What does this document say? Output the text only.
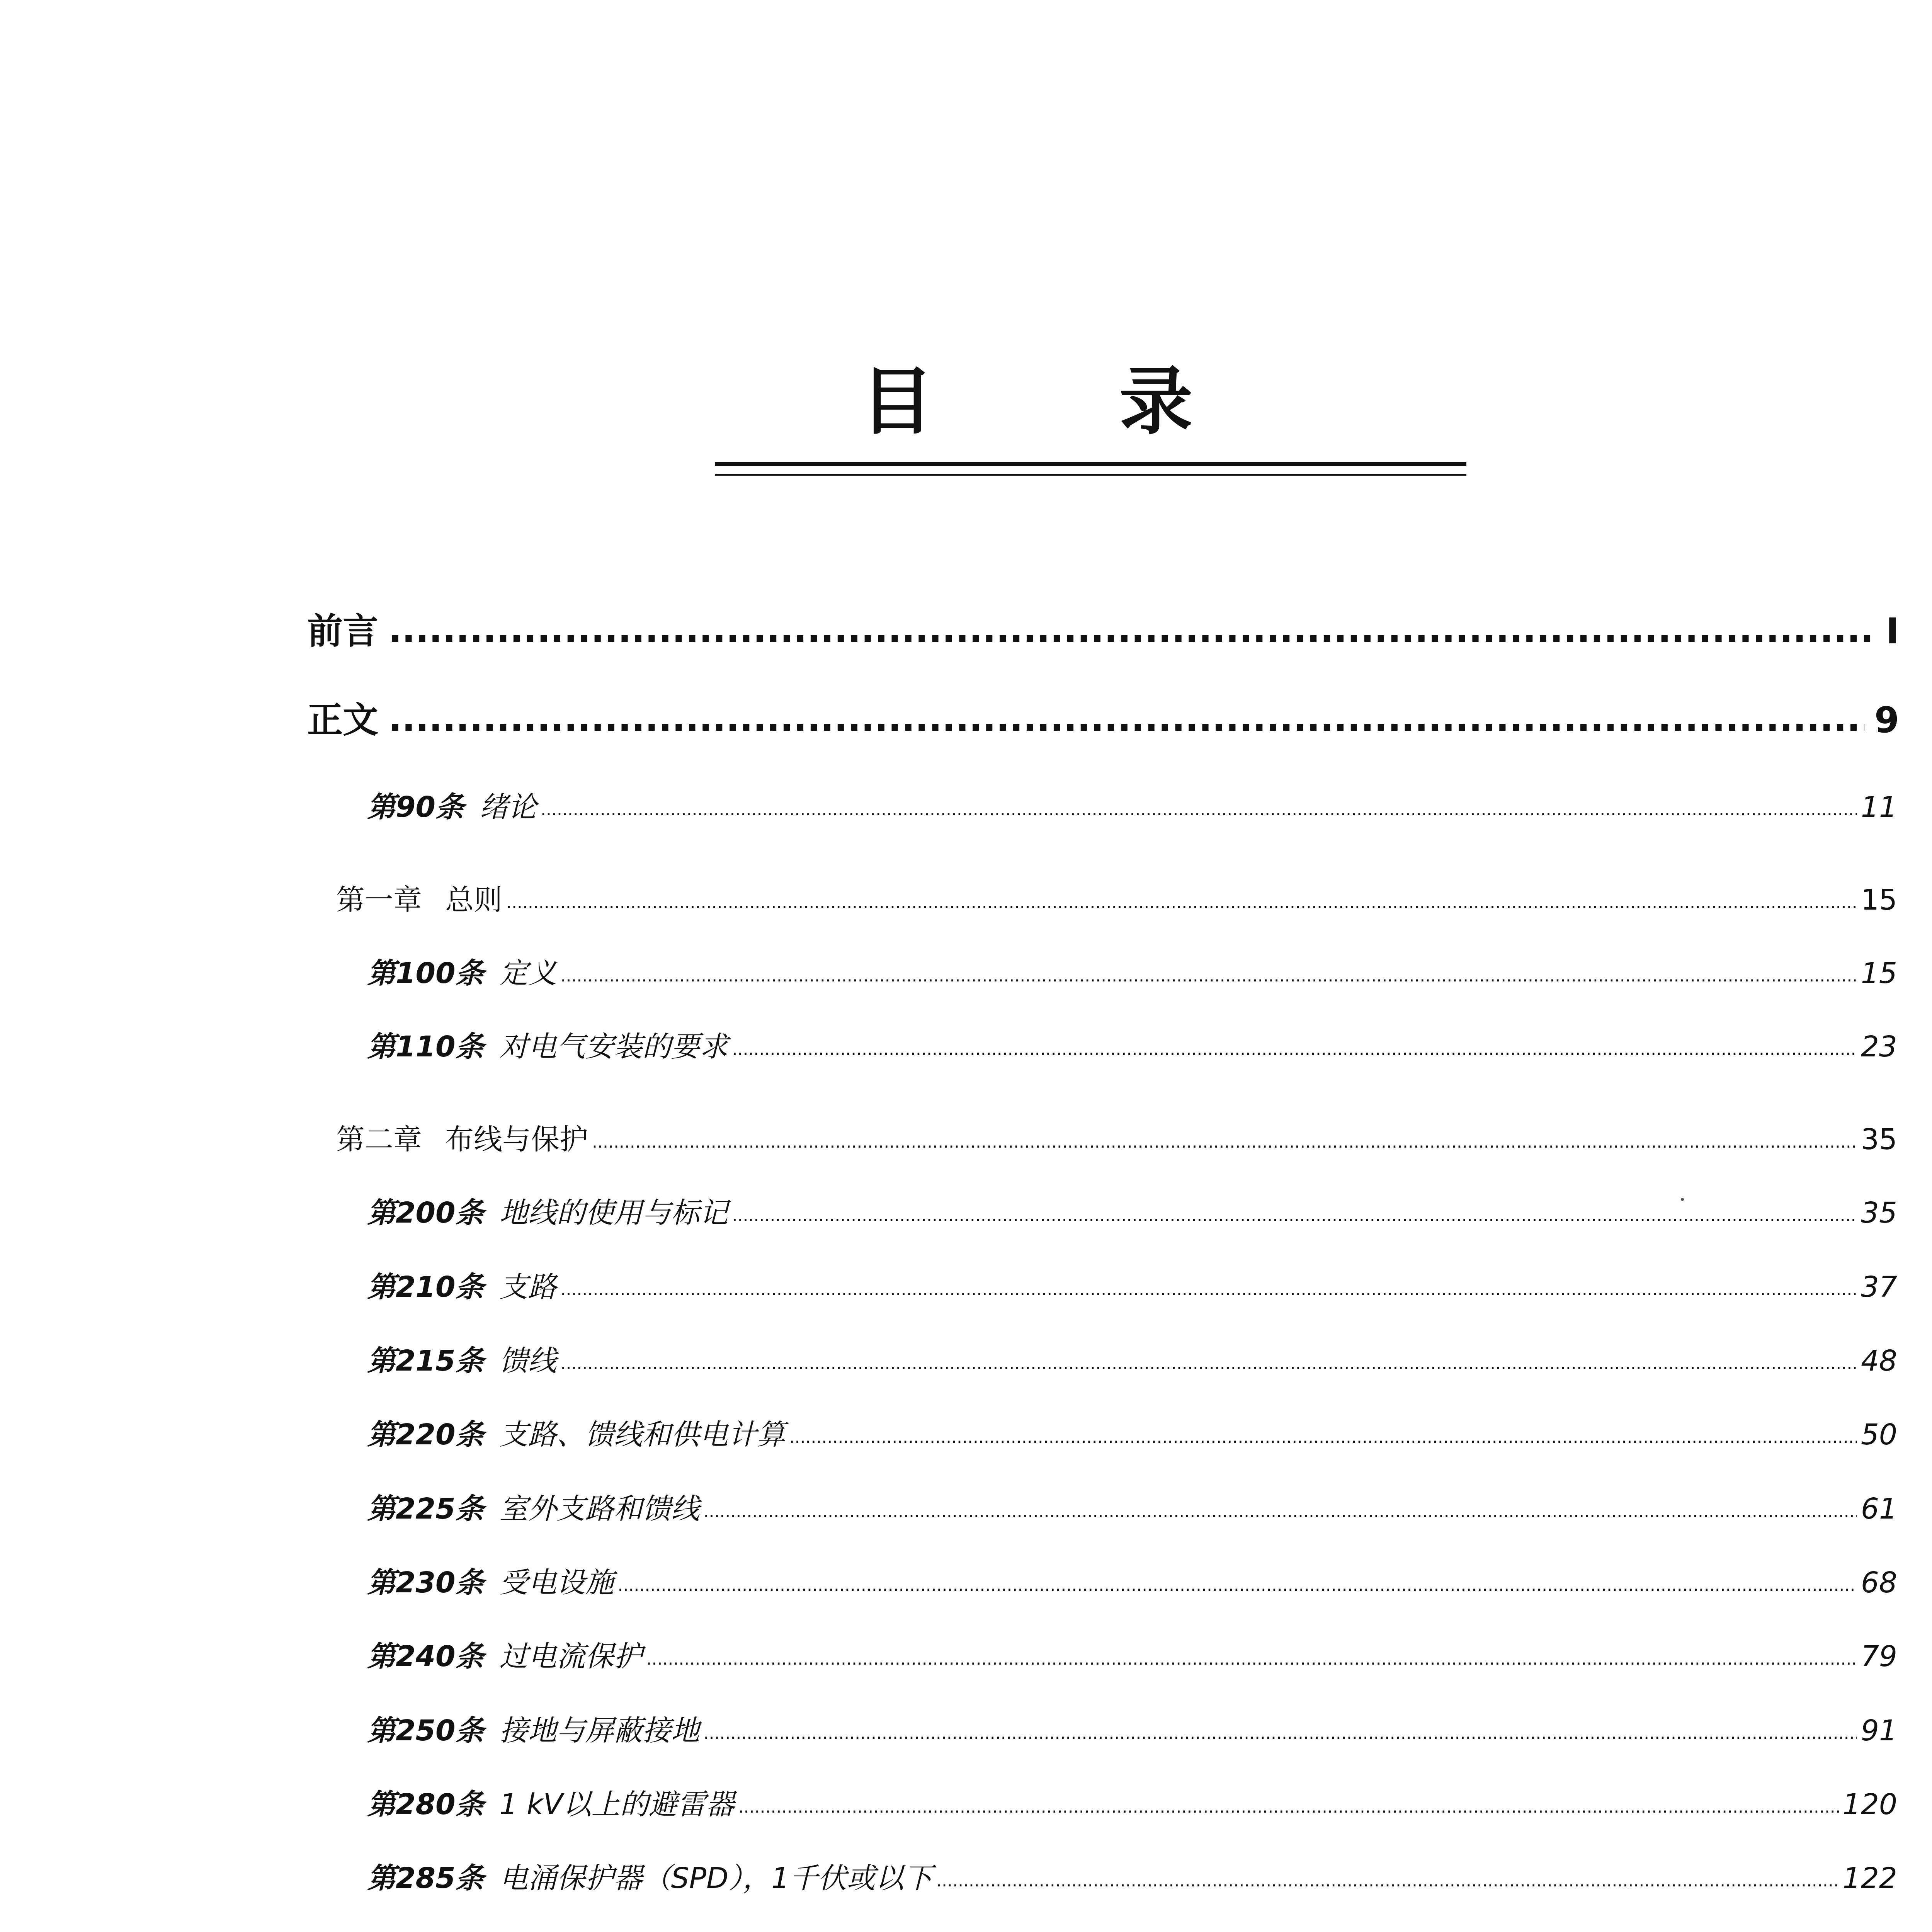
目	录
前言 .....	I
正文 .....	9
第90条 绪论 .....	11
第一章 总则 .....	15
第100条 定义 .....	15
第110条 对电气安装的要求 .....	23
第二章 布线与保护 .....	35
第200条 地线的使用与标记 .....	35
第210条 支路 .....	37
第215条 馈线 .....	48
第220条 支路、馈线和供电计算 .....	50
第225条 室外支路和馈线 .....	61
第230条 受电设施 .....	68
第240条 过电流保护 .....	79
第250条 接地与屏蔽接地 .....	91
第280条 1 kV以上的避雷器 .....	120
第285条 电涌保护器（SPD），1千伏或以下 .....	122
